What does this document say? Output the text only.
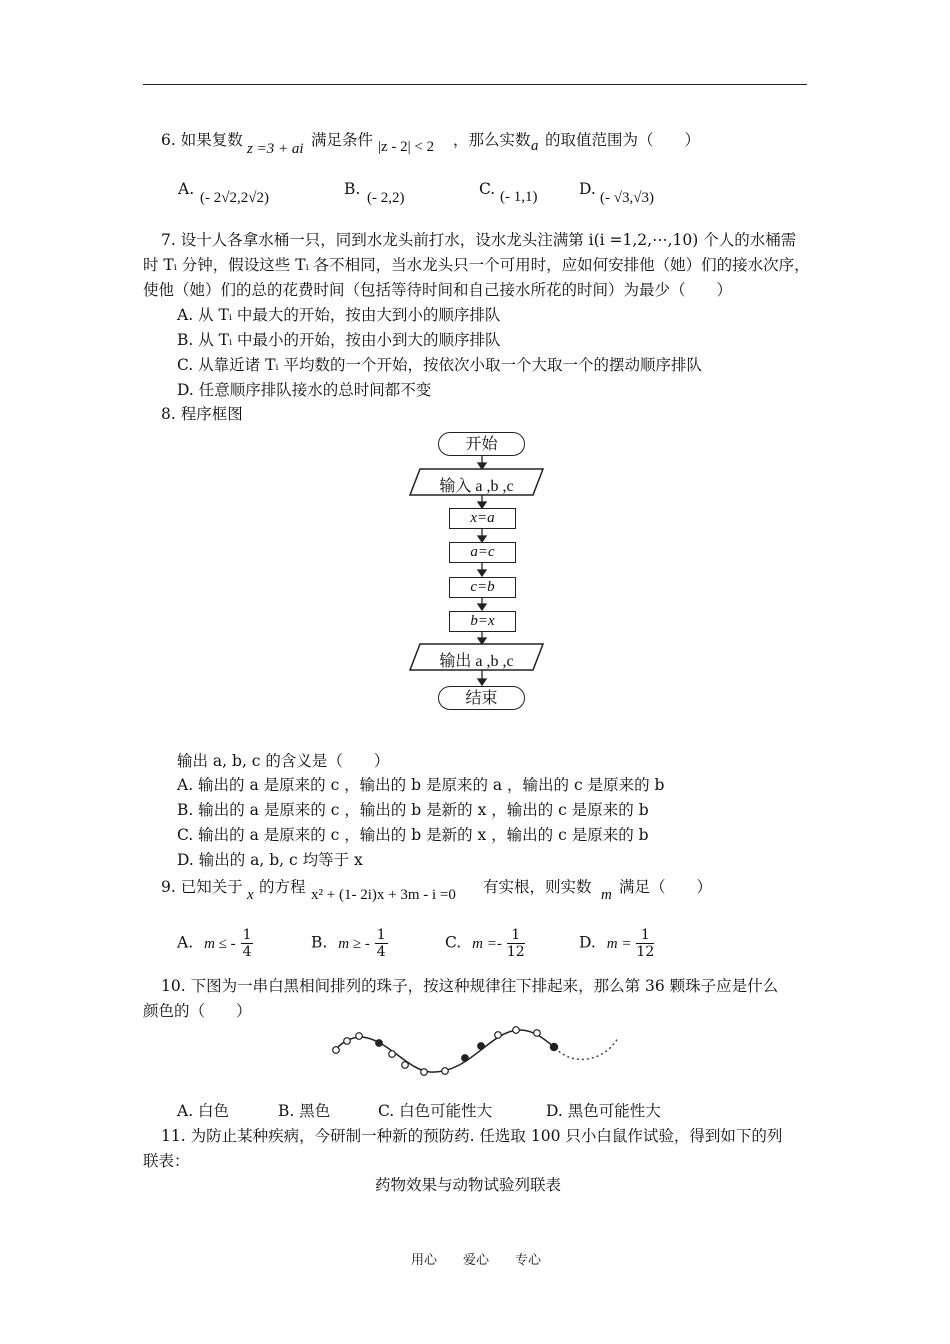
6. 如果复数 z =3 + ai 满足条件 |z - 2| < 2 ，那么实数 a 的取值范围为（　　）
A. (- 2√2,2√2)	B. (- 2,2)	C. (- 1,1)	D. (- √3,√3)
7. 设十人各拿水桶一只，同到水龙头前打水，设水龙头注满第 i(i =1,2,⋯,10) 个人的水桶需
时 Tᵢ 分钟，假设这些 Tᵢ 各不相同，当水龙头只一个可用时，应如何安排他（她）们的接水次序，
使他（她）们的总的花费时间（包括等待时间和自己接水所花的时间）为最少（　　）
A. 从 Tᵢ 中最大的开始，按由大到小的顺序排队
B. 从 Tᵢ 中最小的开始，按由小到大的顺序排队
C. 从靠近诸 Tᵢ 平均数的一个开始，按依次小取一个大取一个的摆动顺序排队
D. 任意顺序排队接水的总时间都不变
8. 程序框图
开始
输入 a ,b ,c
x=a
a=c
c=b
b=x
输出 a ,b ,c
结束
输出 a, b, c 的含义是（　　）
A. 输出的 a 是原来的 c ，输出的 b 是原来的 a ，输出的 c 是原来的 b
B. 输出的 a 是原来的 c ，输出的 b 是新的 x ，输出的 c 是原来的 b
C. 输出的 a 是原来的 c ，输出的 b 是新的 x ，输出的 c 是原来的 b
D. 输出的 a, b, c 均等于 x
9. 已知关于 x 的方程 x² + (1- 2i)x + 3m - i =0 有实根，则实数 m 满足（　　）
A. m ≤ - $\frac{1}{4}$	B. m ≥ - $\frac{1}{4}$	C. $m =- \frac{1}{12}$	D. $m = \frac{1}{12}$
10. 下图为一串白黑相间排列的珠子，按这种规律往下排起来，那么第 36 颗珠子应是什么
颜色的（　　）
A. 白色	B. 黑色	C. 白色可能性大	D. 黑色可能性大
11. 为防止某种疾病，今研制一种新的预防药. 任选取 100 只小白鼠作试验，得到如下的列
联表：
药物效果与动物试验列联表
用心　　爱心　　专心
